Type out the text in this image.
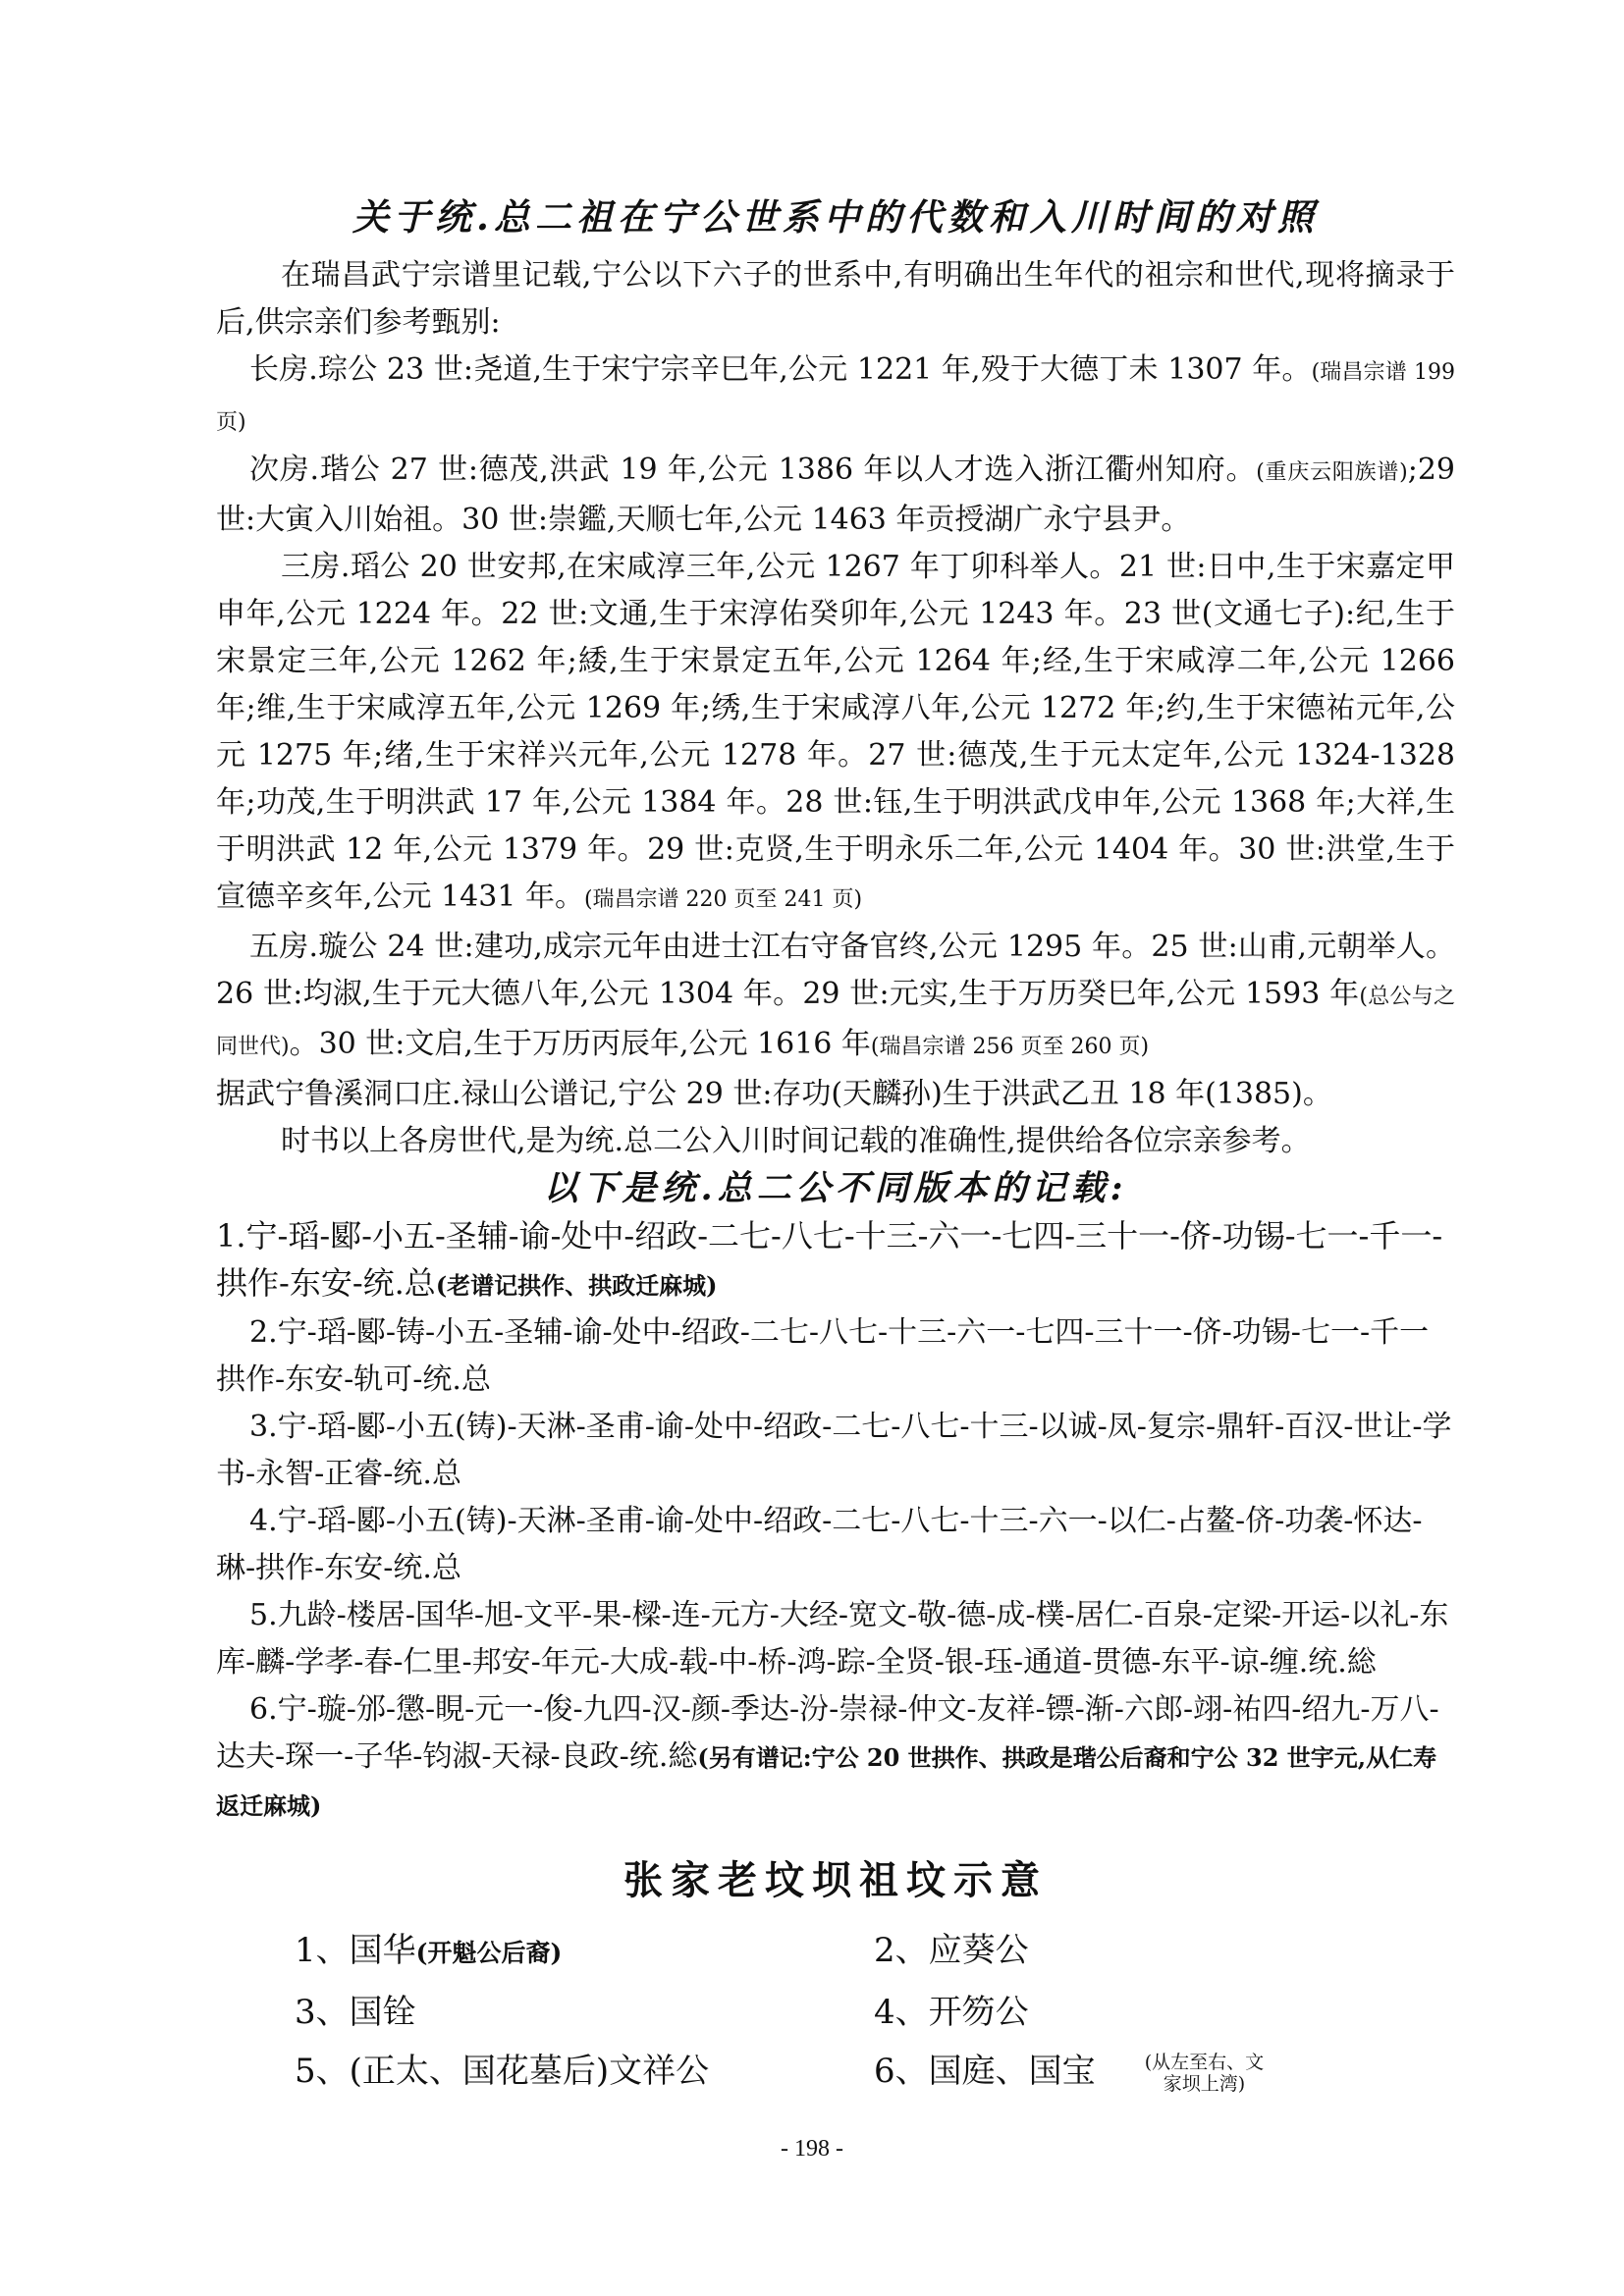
关于统.总二祖在宁公世系中的代数和入川时间的对照

在瑞昌武宁宗谱里记载,宁公以下六子的世系中,有明确出生年代的祖宗和世代,现将摘录于后,供宗亲们参考甄别:

长房.琮公 23 世:尧道,生于宋宁宗辛巳年,公元 1221 年,殁于大德丁未 1307 年。(瑞昌宗谱 199 页)

次房.瑎公 27 世:德茂,洪武 19 年,公元 1386 年以人才选入浙江衢州知府。(重庆云阳族谱);29 世:大寅入川始祖。30 世:崇鑑,天顺七年,公元 1463 年贡授湖广永宁县尹。

三房.瑫公 20 世安邦,在宋咸淳三年,公元 1267 年丁卯科举人。21 世:日中,生于宋嘉定甲申年,公元 1224 年。22 世:文通,生于宋淳佑癸卯年,公元 1243 年。23 世(文通七子):纪,生于宋景定三年,公元 1262 年;緌,生于宋景定五年,公元 1264 年;经,生于宋咸淳二年,公元 1266 年;维,生于宋咸淳五年,公元 1269 年;绣,生于宋咸淳八年,公元 1272 年;约,生于宋德祐元年,公元 1275 年;绪,生于宋祥兴元年,公元 1278 年。27 世:德茂,生于元太定年,公元 1324-1328 年;功茂,生于明洪武 17 年,公元 1384 年。28 世:钰,生于明洪武戊申年,公元 1368 年;大祥,生于明洪武 12 年,公元 1379 年。29 世:克贤,生于明永乐二年,公元 1404 年。30 世:洪堂,生于宣德辛亥年,公元 1431 年。(瑞昌宗谱 220 页至 241 页)

五房.璇公 24 世:建功,成宗元年由进士江右守备官终,公元 1295 年。25 世:山甫,元朝举人。26 世:均淑,生于元大德八年,公元 1304 年。29 世:元实,生于万历癸巳年,公元 1593 年(总公与之同世代)。30 世:文启,生于万历丙辰年,公元 1616 年(瑞昌宗谱 256 页至 260 页)

据武宁鲁溪洞口庄.禄山公谱记,宁公 29 世:存功(天麟孙)生于洪武乙丑 18 年(1385)。

时书以上各房世代,是为统.总二公入川时间记载的准确性,提供给各位宗亲参考。

以下是统.总二公不同版本的记载:

1.宁-瑫-郾-小五-圣辅-谕-处中-绍政-二七-八七-十三-六一-七四-三十一-侪-功锡-七一-千一-拱作-东安-统.总(老谱记拱作、拱政迁麻城)

2.宁-瑫-郾-铸-小五-圣辅-谕-处中-绍政-二七-八七-十三-六一-七四-三十一-侪-功锡-七一-千一拱作-东安-轨可-统.总

3.宁-瑫-郾-小五(铸)-天淋-圣甫-谕-处中-绍政-二七-八七-十三-以诚-凤-复宗-鼎轩-百汉-世让-学书-永智-正睿-统.总

4.宁-瑫-郾-小五(铸)-天淋-圣甫-谕-处中-绍政-二七-八七-十三-六一-以仁-占鳌-侪-功袭-怀达-琳-拱作-东安-统.总

5.九龄-楼居-国华-旭-文平-果-樑-连-元方-大经-宽文-敬-德-成-樸-居仁-百泉-定梁-开运-以礼-东库-麟-学孝-春-仁里-邦安-年元-大成-载-中-桥-鸿-踪-全贤-银-珏-通道-贯德-东平-谅-缠.统.総

6.宁-璇-邠-懲-睍-元一-俊-九四-汉-颜-季达-汾-崇禄-仲文-友祥-镖-渐-六郎-翊-祐四-绍九-万八-达夫-琛一-子华-钧淑-天禄-良政-统.総(另有谱记:宁公 20 世拱作、拱政是瑎公后裔和宁公 32 世宇元,从仁寿返迁麻城)

张家老坟坝祖坟示意
1、国华(开魁公后裔)	2、应葵公
3、国铨	4、开笏公
5、(正太、国花墓后)文祥公	6、国庭、国宝	(从左至右、文家坝上湾)
- 198 -
